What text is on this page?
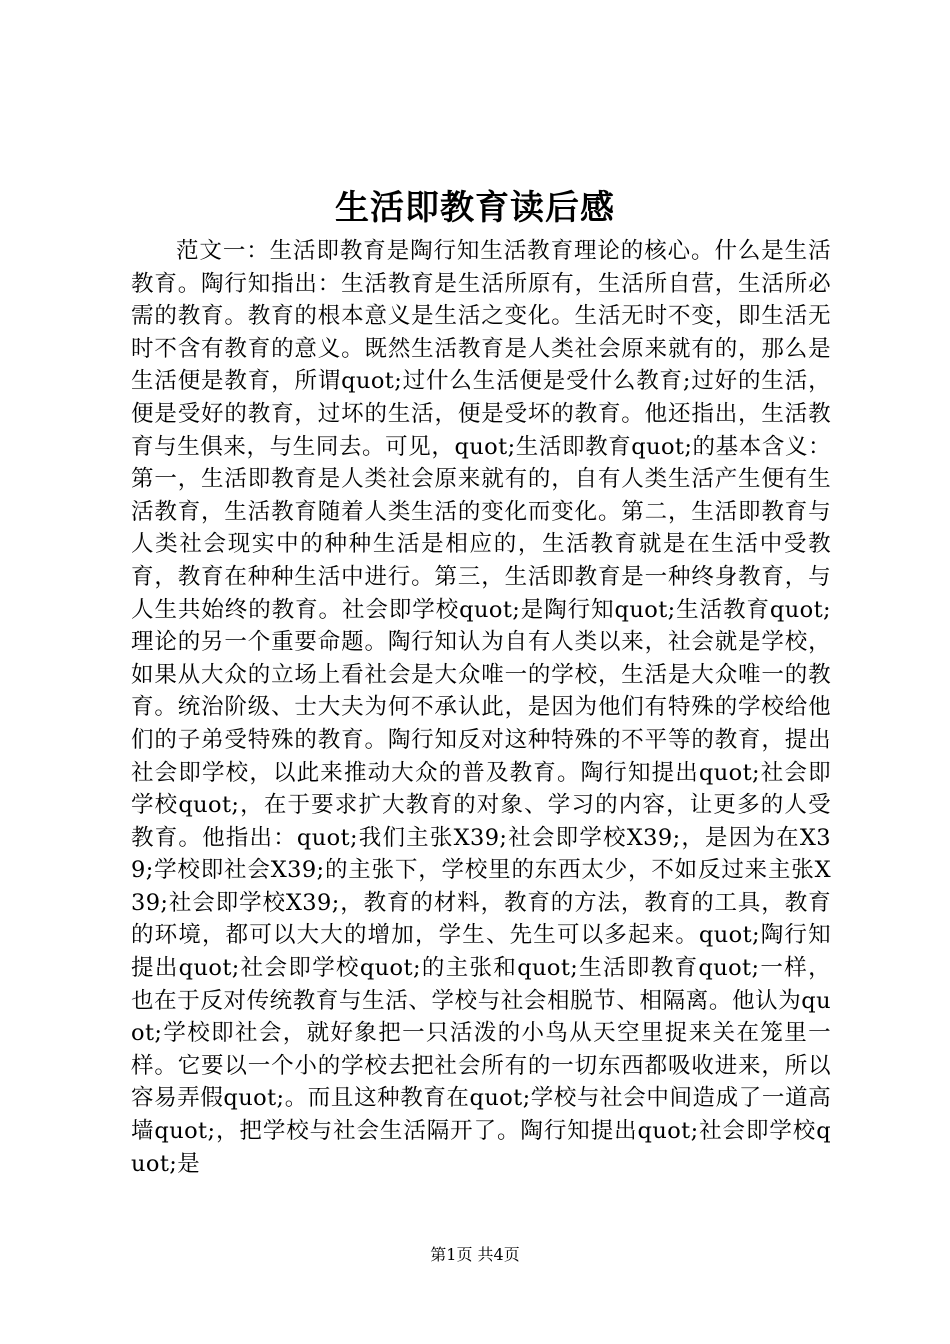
生活即教育读后感

范文一：生活即教育是陶行知生活教育理论的核心。什么是生活教育。陶行知指出：生活教育是生活所原有，生活所自营，生活所必需的教育。教育的根本意义是生活之变化。生活无时不变，即生活无时不含有教育的意义。既然生活教育是人类社会原来就有的，那么是生活便是教育，所谓quot;过什么生活便是受什么教育;过好的生活，便是受好的教育，过坏的生活，便是受坏的教育。他还指出，生活教育与生俱来，与生同去。可见，quot;生活即教育quot;的基本含义：第一，生活即教育是人类社会原来就有的，自有人类生活产生便有生活教育，生活教育随着人类生活的变化而变化。第二，生活即教育与人类社会现实中的种种生活是相应的，生活教育就是在生活中受教育，教育在种种生活中进行。第三，生活即教育是一种终身教育，与人生共始终的教育。社会即学校quot;是陶行知quot;生活教育quot;理论的另一个重要命题。陶行知认为自有人类以来，社会就是学校，如果从大众的立场上看社会是大众唯一的学校，生活是大众唯一的教育。统治阶级、士大夫为何不承认此，是因为他们有特殊的学校给他们的子弟受特殊的教育。陶行知反对这种特殊的不平等的教育，提出社会即学校，以此来推动大众的普及教育。陶行知提出quot;社会即学校quot;，在于要求扩大教育的对象、学习的内容，让更多的人受教育。他指出：quot;我们主张X39;社会即学校X39;，是因为在X39;学校即社会X39;的主张下，学校里的东西太少，不如反过来主张X39;社会即学校X39;，教育的材料，教育的方法，教育的工具，教育的环境，都可以大大的增加，学生、先生可以多起来。quot;陶行知提出quot;社会即学校quot;的主张和quot;生活即教育quot;一样，也在于反对传统教育与生活、学校与社会相脱节、相隔离。他认为quot;学校即社会，就好象把一只活泼的小鸟从天空里捉来关在笼里一样。它要以一个小的学校去把社会所有的一切东西都吸收进来，所以容易弄假quot;。而且这种教育在quot;学校与社会中间造成了一道高墙quot;，把学校与社会生活隔开了。陶行知提出quot;社会即学校quot;是

第1页 共4页
